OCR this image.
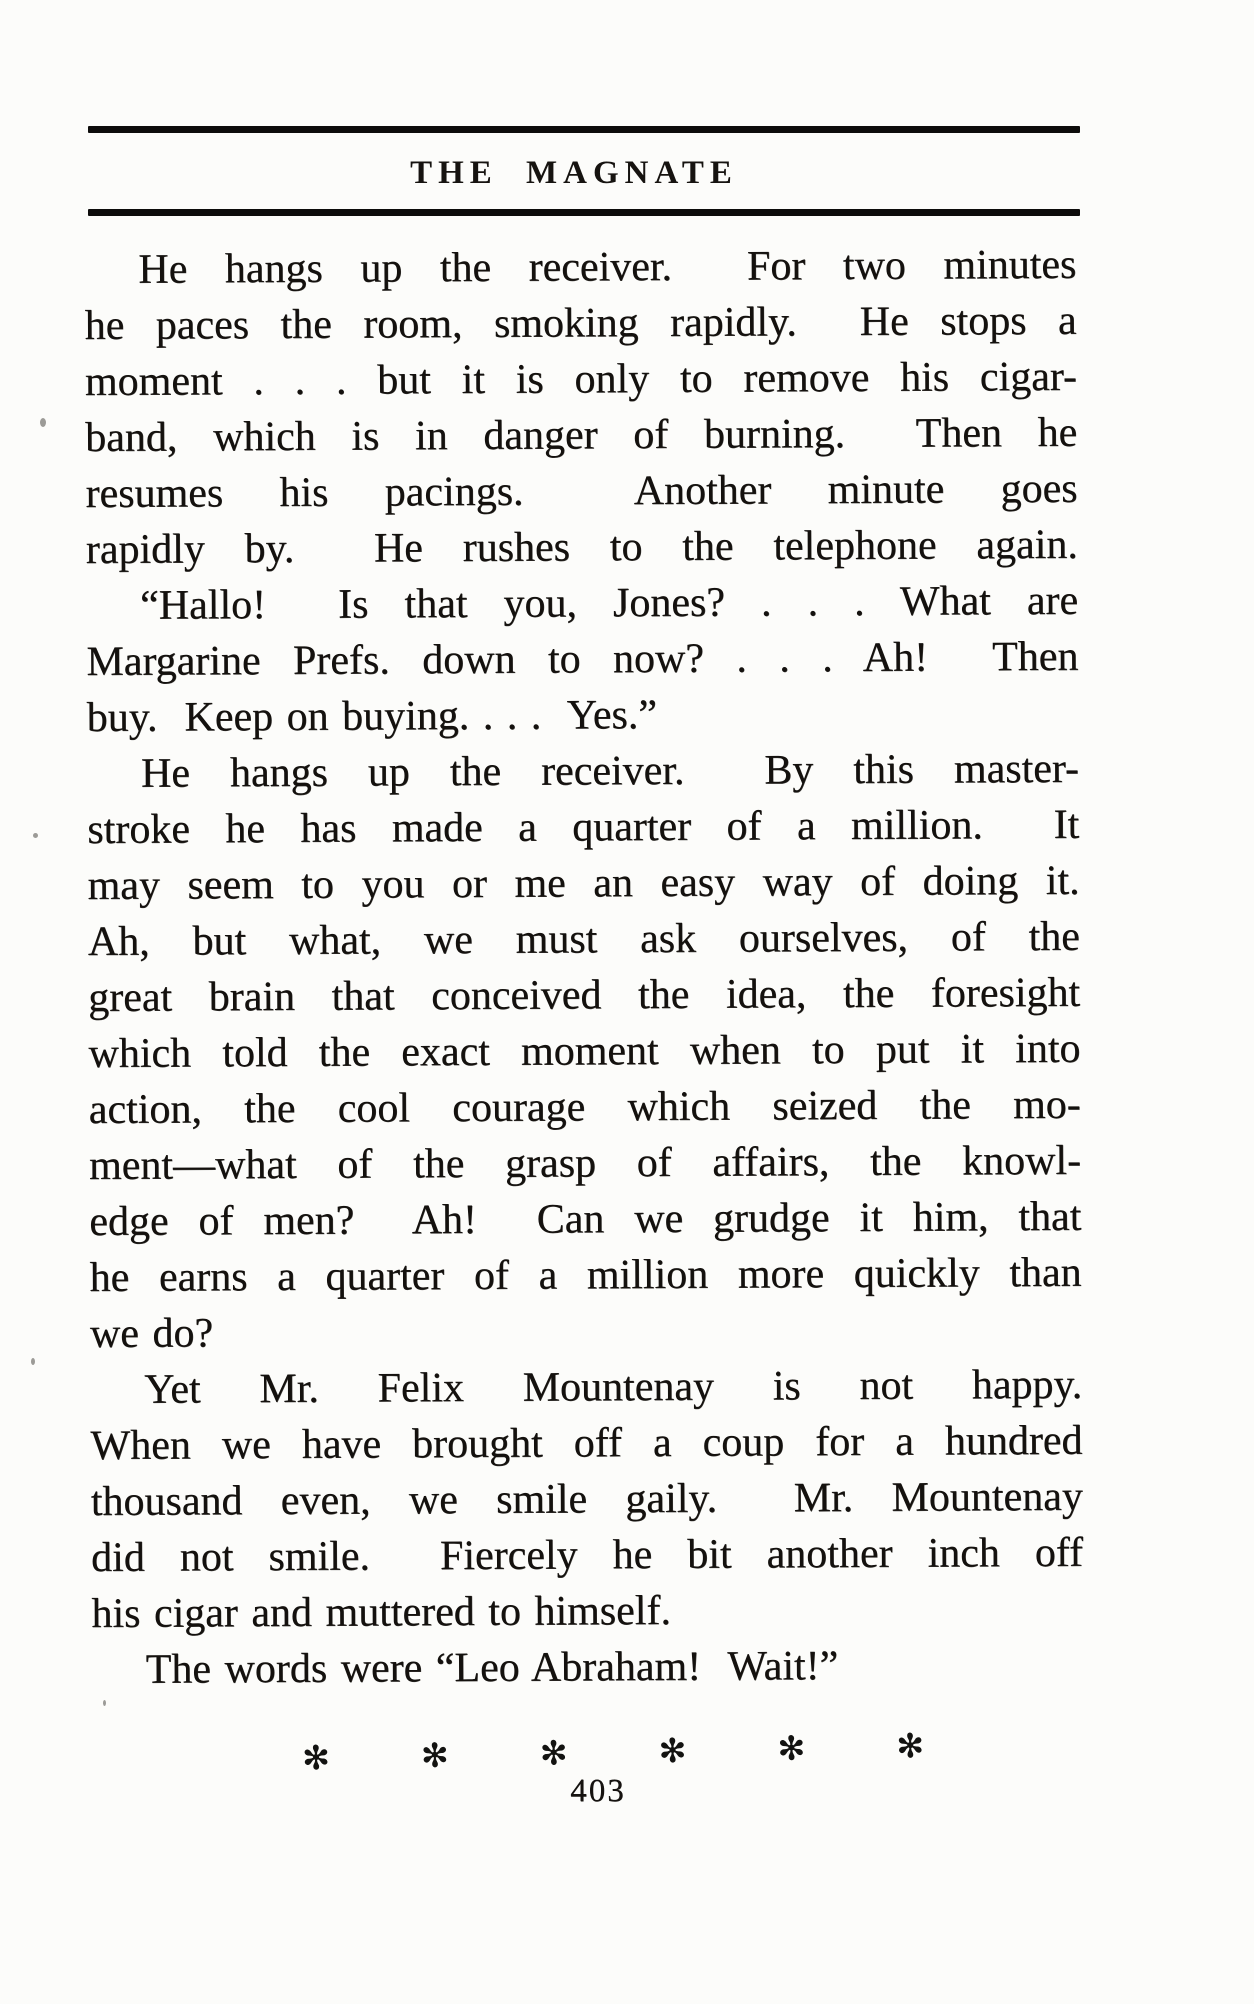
THE MAGNATE
He hangs up the receiver.  For two minutes
he paces the room, smoking rapidly.  He stops a
moment . . . but it is only to remove his cigar-
band, which is in danger of burning.  Then he
resumes his pacings.  Another minute goes
rapidly by.  He rushes to the telephone again.
“Hallo!  Is that you, Jones? . . . What are
Margarine Prefs. down to now? . . . Ah!  Then
buy.  Keep on buying. . . .  Yes.”
He hangs up the receiver.  By this master-
stroke he has made a quarter of a million.  It
may seem to you or me an easy way of doing it.
Ah, but what, we must ask ourselves, of the
great brain that conceived the idea, the foresight
which told the exact moment when to put it into
action, the cool courage which seized the mo-
ment—what of the grasp of affairs, the knowl-
edge of men?  Ah!  Can we grudge it him, that
he earns a quarter of a million more quickly than
we do?
Yet Mr. Felix Mountenay is not happy.
When we have brought off a coup for a hundred
thousand even, we smile gaily.  Mr. Mountenay
did not smile.  Fiercely he bit another inch off
his cigar and muttered to himself.
The words were “Leo Abraham!  Wait!”
✻	✻	✻	✻	✻	✻
403
